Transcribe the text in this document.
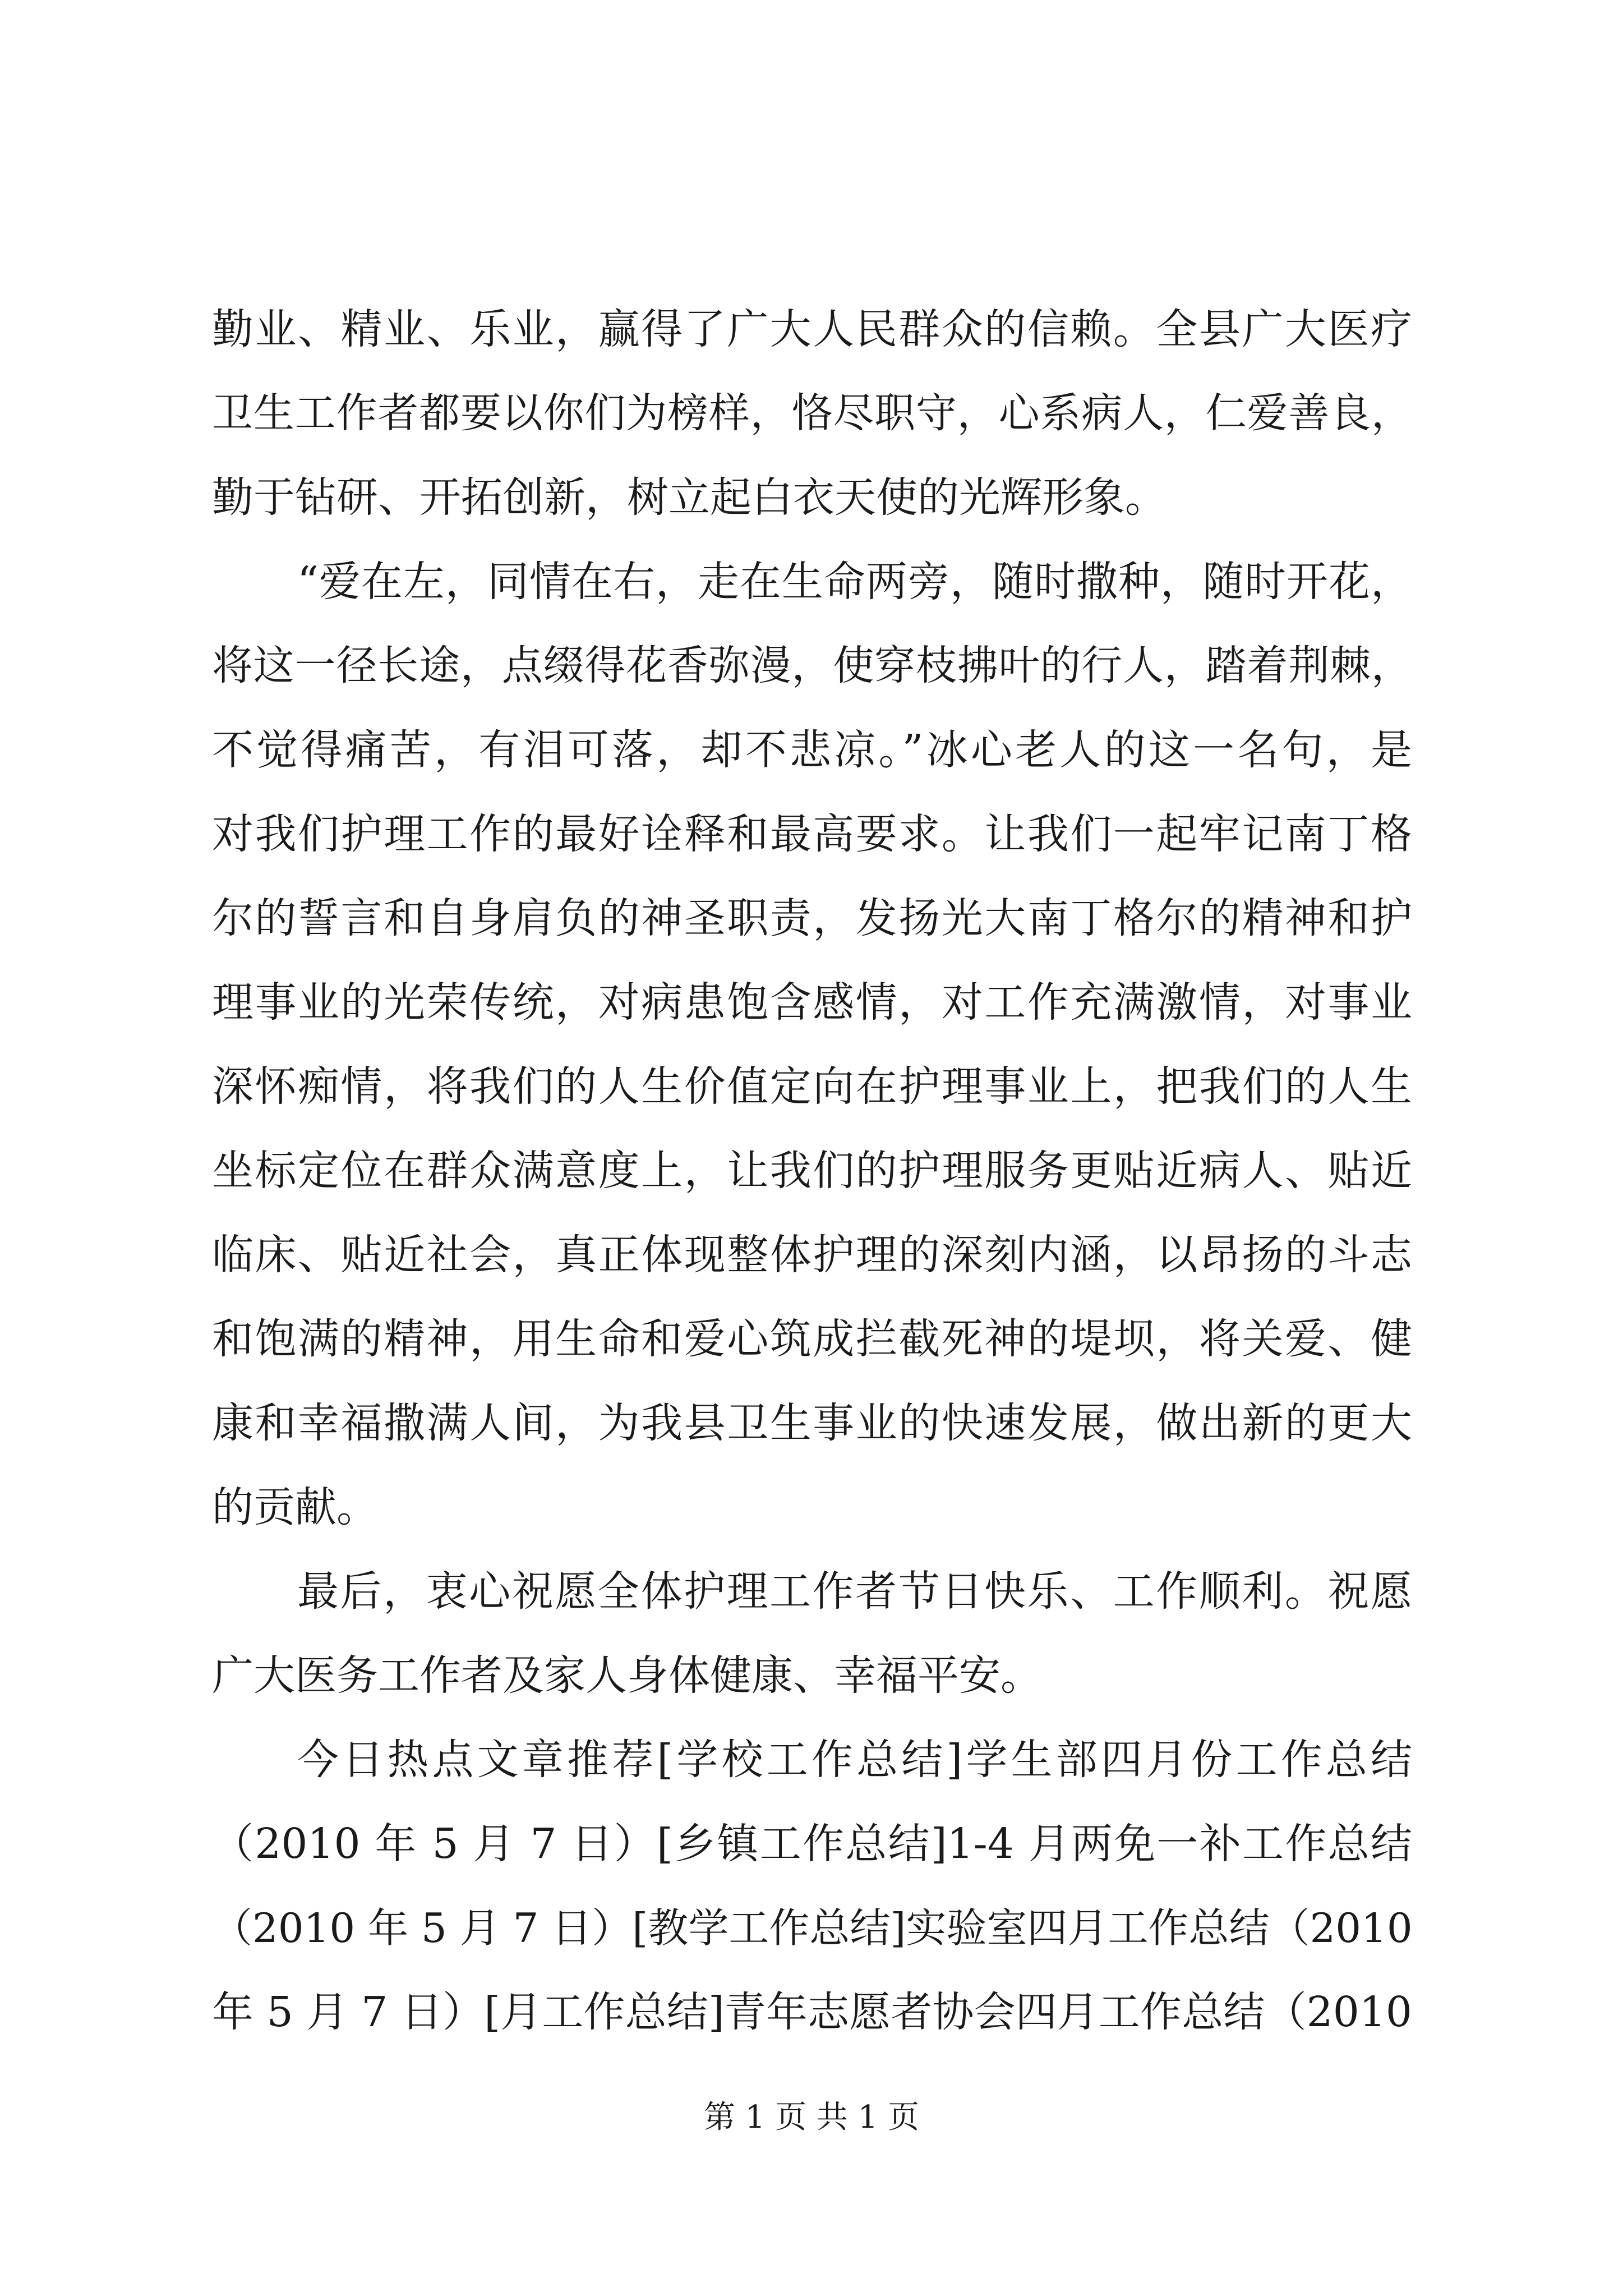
勤业、精业、乐业，赢得了广大人民群众的信赖。全县广大医疗
卫生工作者都要以你们为榜样，恪尽职守，心系病人，仁爱善良，
勤于钻研、开拓创新，树立起白衣天使的光辉形象。
“爱在左，同情在右，走在生命两旁，随时撒种，随时开花，
将这一径长途，点缀得花香弥漫，使穿枝拂叶的行人，踏着荆棘，
不觉得痛苦，有泪可落，却不悲凉。”冰心老人的这一名句，是
对我们护理工作的最好诠释和最高要求。让我们一起牢记南丁格
尔的誓言和自身肩负的神圣职责，发扬光大南丁格尔的精神和护
理事业的光荣传统，对病患饱含感情，对工作充满激情，对事业
深怀痴情，将我们的人生价值定向在护理事业上，把我们的人生
坐标定位在群众满意度上，让我们的护理服务更贴近病人、贴近
临床、贴近社会，真正体现整体护理的深刻内涵，以昂扬的斗志
和饱满的精神，用生命和爱心筑成拦截死神的堤坝，将关爱、健
康和幸福撒满人间，为我县卫生事业的快速发展，做出新的更大
的贡献。
最后，衷心祝愿全体护理工作者节日快乐、工作顺利。祝愿
广大医务工作者及家人身体健康、幸福平安。
今日热点文章推荐[学校工作总结]学生部四月份工作总结
（2010 年 5 月 7 日）[乡镇工作总结]1-4 月两免一补工作总结
（2010 年 5 月 7 日）[教学工作总结]实验室四月工作总结（2010
年 5 月 7 日）[月工作总结]青年志愿者协会四月工作总结（2010
第 1 页 共 1 页
